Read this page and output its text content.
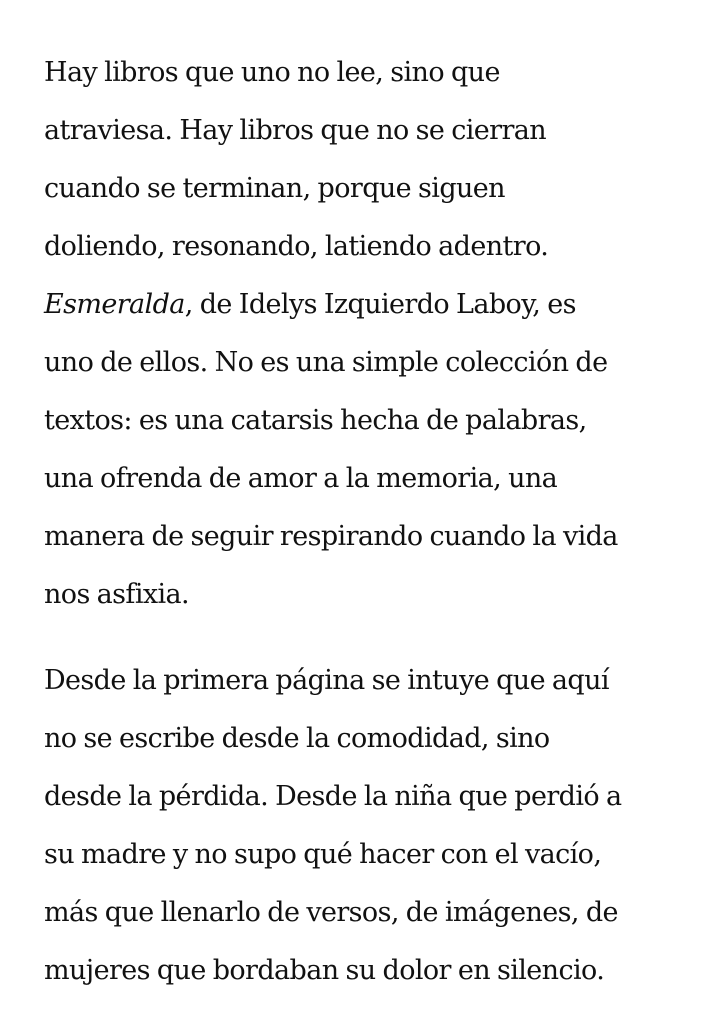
Hay libros que uno no lee, sino que
atraviesa. Hay libros que no se cierran
cuando se terminan, porque siguen
doliendo, resonando, latiendo adentro.
Esmeralda, de Idelys Izquierdo Laboy, es
uno de ellos. No es una simple colección de
textos: es una catarsis hecha de palabras,
una ofrenda de amor a la memoria, una
manera de seguir respirando cuando la vida
nos asfixia.

Desde la primera página se intuye que aquí
no se escribe desde la comodidad, sino
desde la pérdida. Desde la niña que perdió a
su madre y no supo qué hacer con el vacío,
más que llenarlo de versos, de imágenes, de
mujeres que bordaban su dolor en silencio.
